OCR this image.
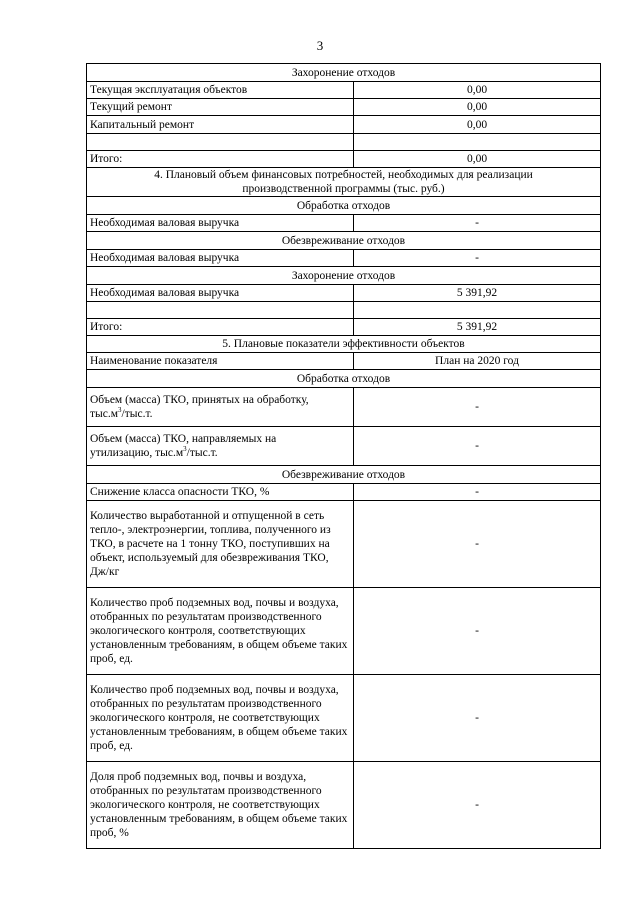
3
Захоронение отходов	
Текущая эксплуатация объектов	0,00
Текущий ремонт	0,00
Капитальный ремонт	0,00

Итого:	0,00

4. Плановый объем финансовых потребностей, необходимых для реализации
производственной программы (тыс. руб.)	

Обработка отходов	
Необходимая валовая выручка	-
Обезвреживание отходов	
Необходимая валовая выручка	-
Захоронение отходов	
Необходимая валовая выручка	5 391,92

Итого:	5 391,92
5. Плановые показатели эффективности объектов	
Наименование показателя	План на 2020 год
Обработка отходов	
Объем (масса) ТКО, принятых на обработку,
$тыс.м^3/тыс.т$.	-
Объем (масса) ТКО, направляемых на
утилизацию, $тыс.м^3/тыс.т$.	-
Обезвреживание отходов	
Снижение класса опасности ТКО, %	-
Количество выработанной и отпущенной в сеть тепло-, электроэнергии, топлива, полученного из ТКО, в расчете на 1 тонну ТКО, поступивших на объект, используемый для обезвреживания ТКО, Дж/кг	-
Количество проб подземных вод, почвы и воздуха, отобранных по результатам производственного экологического контроля, соответствующих установленным требованиям, в общем объеме таких проб, ед.	-
Количество проб подземных вод, почвы и воздуха, отобранных по результатам производственного экологического контроля, не соответствующих установленным требованиям, в общем объеме таких проб, ед.	-
Доля проб подземных вод, почвы и воздуха, отобранных по результатам производственного экологического контроля, не соответствующих установленным требованиям, в общем объеме таких проб, %	-
